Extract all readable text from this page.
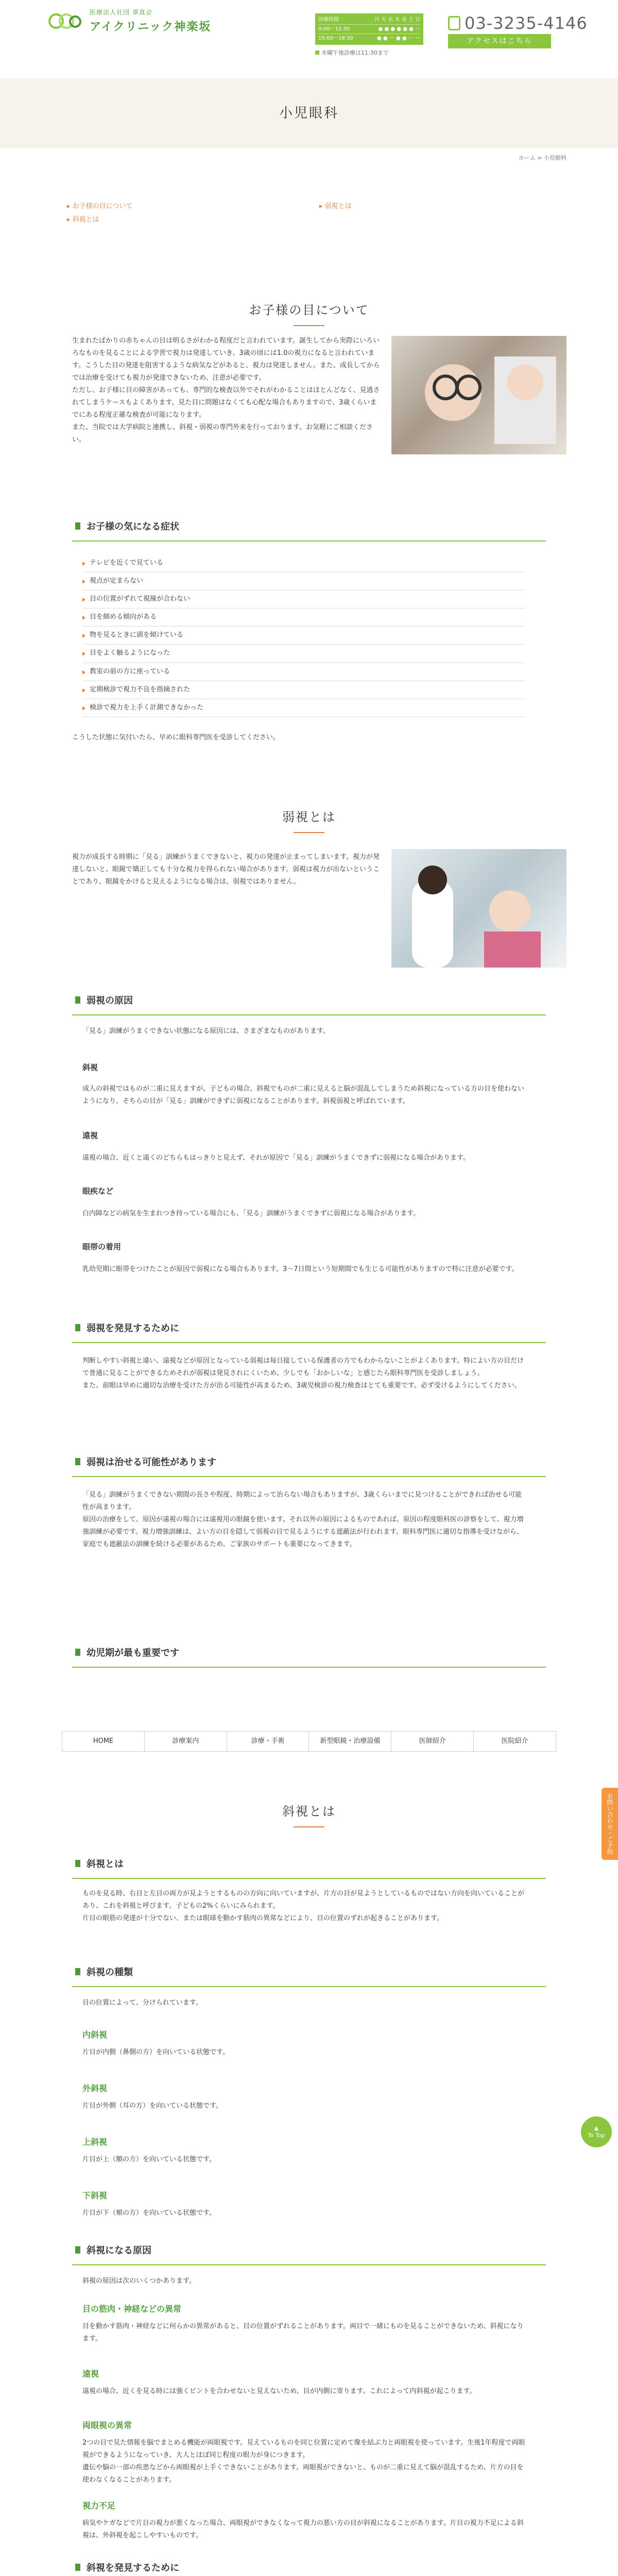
医療法人社団 翠真会
アイクリニック神楽坂
診療時間	月 火 水 木 金 土 日
9:00〜12:30	● ● ● ● ● ● ー
15:00〜18:30	● ● ー ● ● ー ー
木曜午後診療は11:30まで
03-3235-4146
アクセスはこちら
小児眼科
ホーム > 小児眼科
▸ お子様の目について
▸	弱視とは
▸ 斜視とは
お子様の目について

生まれたばかりの赤ちゃんの目は明るさがわかる程度だと言われています。誕生してから実際にいろいろなものを見ることによる学習で視力は発達していき、3歳の頃には1.0の視力になると言われています。こうした目の発達を阻害するような病気などがあると、視力は発達しません。また、成長してからでは治療を受けても視力が発達できないため、注意が必要です。
ただし、お子様に目の障害があっても、専門的な検査以外でそれがわかることはほとんどなく、見逃されてしまうケースもよくあります。見た目に問題はなくても心配な場合もありますので、3歳くらいまでにある程度正確な検査が可能になります。
また、当院では大学病院と連携し、斜視・弱視の専門外来を行っております。お気軽にご相談ください。

お子様の気になる症状
テレビを近くで見ている
視点が定まらない
目の位置がずれて視線が合わない
目を細める傾向がある
物を見るときに頭を傾けている
目をよく触るようになった
教室の前の方に座っている
定期検診で視力不良を指摘された
検診で視力を上手く計測できなかった

こうした状態に気付いたら、早めに眼科専門医を受診してください。

弱視とは

視力が成長する時期に「見る」訓練がうまくできないと、視力の発達が止まってしまいます。視力が発達しないと、眼鏡で矯正しても十分な視力を得られない場合があります。弱視は視力が出ないということであり、眼鏡をかけると見えるようになる場合は、弱視ではありません。

弱視の原因

「見る」訓練がうまくできない状態になる原因には、さまざまなものがあります。

斜視

成人の斜視ではものが二重に見えますが、子どもの場合、斜視でものが二重に見えると脳が混乱してしまうため斜視になっている方の目を使わないようになり、そちらの目が「見る」訓練ができずに弱視になることがあります。斜視弱視と呼ばれています。

遠視

遠視の場合、近くと遠くのどちらもはっきりと見えず、それが原因で「見る」訓練がうまくできずに弱視になる場合があります。

眼疾など

白内障などの病気を生まれつき持っている場合にも、「見る」訓練がうまくできずに弱視になる場合があります。

眼帯の着用

乳幼児期に眼帯をつけたことが原因で弱視になる場合もあります。3〜7日間という短期間でも生じる可能性がありますので特に注意が必要です。

弱視を発見するために

判断しやすい斜視と違い、遠視などが原因となっている弱視は毎日接している保護者の方でもわからないことがよくあります。特によい方の目だけで普通に見ることができるためそれが弱視は発見されにくいため、少しでも「おかしいな」と感じたら眼科専門医を受診しましょう。
また、前眼は早めに適切な治療を受けた方が治る可能性が高まるため、3歳児検診の視力検査はとても重要です。必ず受けるようにしてください。

弱視は治せる可能性があります

「見る」訓練がうまくできない期間の長さや程度、時期によって治らない場合もありますが、3歳くらいまでに見つけることができれば治せる可能性が高まります。
原因の治療をして、原因が遠視の場合には遠視用の眼鏡を使います。それ以外の原因によるものであれば、原因の程度眼科医の診察をして、視力増強訓練が必要です。視力増強訓練は、よい方の目を隠して弱視の目で見るようにする遮蔽法が行われます。眼科専門医に適切な指導を受けながら、家庭でも遮蔽法の訓練を続ける必要があるため、ご家族のサポートも重要になってきます。

幼児期が最も重要です
HOME	診療案内	診療・手術	新型眼鏡・治療設備	医師紹介	医院紹介
お問い合わせ・ご予約
斜視とは
斜視とは

ものを見る時、右目と左目の両方が見ようとするものの方向に向いていますが、片方の目が見ようとしているものではない方向を向いていることがあり、これを斜視と呼びます。子どもの2%くらいにみられます。
片目の眼筋の発達が十分でない、または眼球を動かす筋肉の異常などにより、目の位置のずれが起きることがあります。

斜視の種類

目の位置によって、分けられています。

内斜視

片目が内側（鼻側の方）を向いている状態です。

外斜視

片目が外側（耳の方）を向いている状態です。

上斜視

片目が上（額の方）を向いている状態です。

下斜視

片目が下（頬の方）を向いている状態です。

▲
To Top
斜視になる原因

斜視の原因は次のいくつかあります。

目の筋肉・神経などの異常

目を動かす筋肉・神経などに何らかの異常があると、目の位置がずれることがあります。両目で一緒にものを見ることができないため、斜視になります。

遠視

遠視の場合、近くを見る時には強くピントを合わせないと見えないため、目が内側に寄ります。これによって内斜視が起こります。

両眼視の異常

2つの目で見た情報を脳でまとめる機能が両眼視です。見えているものを同じ位置に定めて像を結ぶ力と両眼視を使っています。生後1年程度で両眼視ができるようになっていき、大人とほぼ同じ程度の眼力が身につきます。
遺伝や脳の一部の疾患などから両眼視が上手くできないことがあります。両眼視ができないと、ものが二重に見えて脳が混乱するため、片方の目を使わなくなることがあります。

視力不足

病気やケガなどで片目の視力が悪くなった場合、両眼視ができなくなって視力の悪い方の目が斜視になることがあります。片目の視力不足による斜視は、外斜視を起こしやすいものです。

斜視を発見するために
